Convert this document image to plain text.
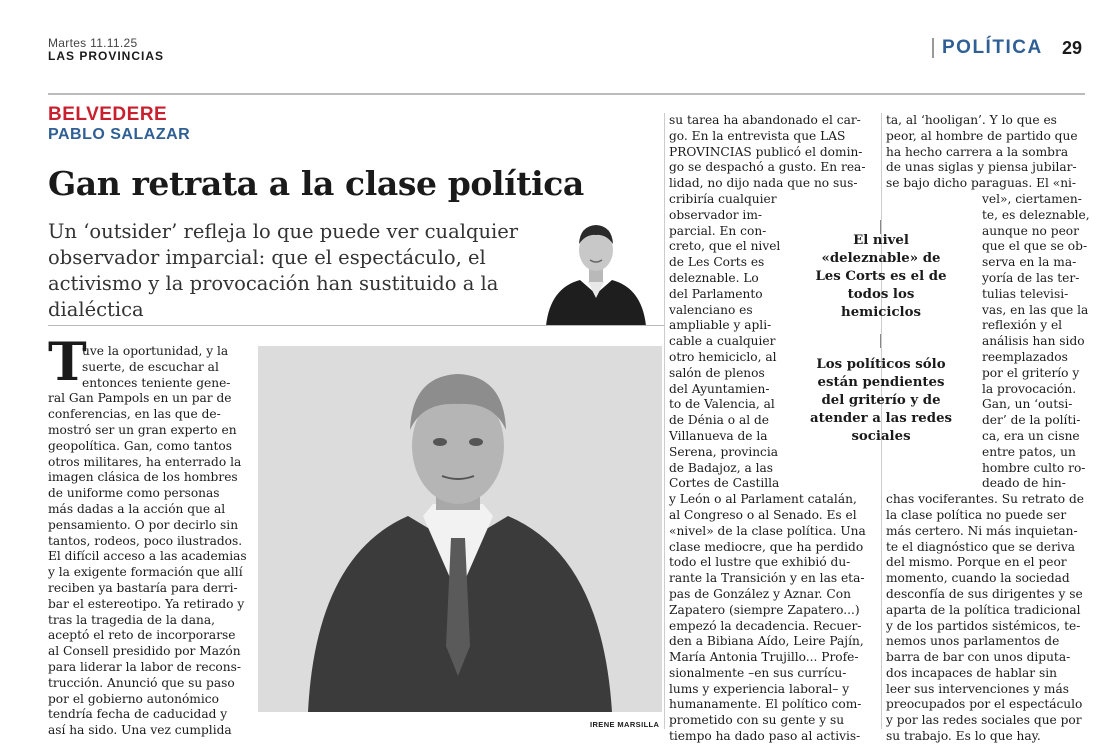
Martes 11.11.25
LAS PROVINCIAS	POLÍTICA 29
BELVEDERE
PABLO SALAZAR
Gan retrata a la clase política
Un ‘outsider’ refleja lo que puede ver cualquier observador imparcial: que el espectáculo, el activismo y la provocación han sustituido a la dialéctica
T
uve la oportunidad, y la
suerte, de escuchar al
entonces teniente gene-
ral Gan Pampols en un par de
conferencias, en las que de-
mostró ser un gran experto en
geopolítica. Gan, como tantos
otros militares, ha enterrado la
imagen clásica de los hombres
de uniforme como personas
más dadas a la acción que al
pensamiento. O por decirlo sin
tantos, rodeos, poco ilustrados.
El difícil acceso a las academias
y la exigente formación que allí
reciben ya bastaría para derri-
bar el estereotipo. Ya retirado y
tras la tragedia de la dana,
aceptó el reto de incorporarse
al Consell presidido por Mazón
para liderar la labor de recons-
trucción. Anunció que su paso
por el gobierno autonómico
tendría fecha de caducidad y
así ha sido. Una vez cumplida	IRENE MARSILLA
su tarea ha abandonado el car-
go. En la entrevista que LAS
PROVINCIAS publicó el domin-
go se despachó a gusto. En rea-
lidad, no dijo nada que no sus-
cribiría cualquier
observador im-
parcial. En con-
creto, que el nivel
de Les Corts es
deleznable. Lo
del Parlamento
valenciano es
ampliable y apli-
cable a cualquier
otro hemiciclo, al
salón de plenos
del Ayuntamien-
to de Valencia, al
de Dénia o al de
Villanueva de la
Serena, provincia
de Badajoz, a las
Cortes de Castilla
y León o al Parlament catalán,
al Congreso o al Senado. Es el
«nivel» de la clase política. Una
clase mediocre, que ha perdido
todo el lustre que exhibió du-
rante la Transición y en las eta-
pas de González y Aznar. Con
Zapatero (siempre Zapatero...)
empezó la decadencia. Recuer-
den a Bibiana Aído, Leire Pajín,
María Antonia Trujillo... Profe-
sionalmente –en sus currícu-
lums y experiencia laboral– y
humanamente. El político com-
prometido con su gente y su
tiempo ha dado paso al activis-
ta, al ‘hooligan’. Y lo que es
peor, al hombre de partido que
ha hecho carrera a la sombra
de unas siglas y piensa jubilar-
se bajo dicho paraguas. El «ni-
vel», ciertamen-
te, es deleznable,
aunque no peor
que el que se ob-
serva en la ma-
yoría de las ter-
tulias televisi-
vas, en las que la
reflexión y el
análisis han sido
reemplazados
por el griterío y
la provocación.
Gan, un ‘outsi-
der’ de la políti-
ca, era un cisne
entre patos, un
hombre culto ro-
deado de hin-
chas vociferantes. Su retrato de
la clase política no puede ser
más certero. Ni más inquietan-
te el diagnóstico que se deriva
del mismo. Porque en el peor
momento, cuando la sociedad
desconfía de sus dirigentes y se
aparta de la política tradicional
y de los partidos sistémicos, te-
nemos unos parlamentos de
barra de bar con unos diputa-
dos incapaces de hablar sin
leer sus intervenciones y más
preocupados por el espectáculo
y por las redes sociales que por
su trabajo. Es lo que hay.
El nivel «deleznable» de Les Corts es el de todos los hemiciclos
Los políticos sólo están pendientes del griterío y de atender a las redes sociales
